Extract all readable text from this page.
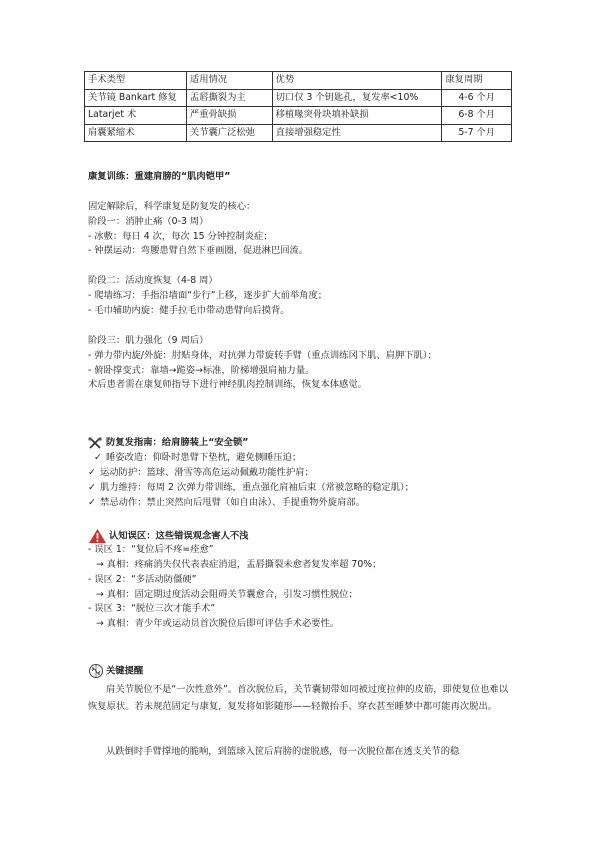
手术类型	适用情况	优势	康复周期
关节镜 Bankart 修复	盂唇撕裂为主	切口仅 3 个钥匙孔，复发率<10%	4-6 个月
Latarjet 术	严重骨缺损	移植喙突骨块填补缺损	6-8 个月
肩囊紧缩术	关节囊广泛松弛	直接增强稳定性	5-7 个月
康复训练：重建肩膀的“肌肉铠甲”
固定解除后，科学康复是防复发的核心：
阶段一：消肿止痛（0-3 周）
- 冰敷：每日 4 次，每次 15 分钟控制炎症；
- 钟摆运动：弯腰患臂自然下垂画圈，促进淋巴回流。
阶段二：活动度恢复（4-8 周）
- 爬墙练习：手指沿墙面“步行”上移，逐步扩大前举角度；
- 毛巾辅助内旋：健手拉毛巾带动患臂向后摸背。
阶段三：肌力强化（9 周后）
- 弹力带内旋/外旋：肘贴身体，对抗弹力带旋转手臂（重点训练冈下肌、肩胛下肌）；
- 俯卧撑变式：靠墙→跪姿→标准，阶梯增强肩袖力量。
术后患者需在康复师指导下进行神经肌肉控制训练，恢复本体感觉。
防复发指南：给肩膀装上“安全锁”
✓ 睡姿改造：仰卧时患臂下垫枕，避免侧睡压迫；
✓ 运动防护：篮球、滑雪等高危运动佩戴功能性护肩；
✓ 肌力维持：每周 2 次弹力带训练，重点强化肩袖后束（常被忽略的稳定肌）；
✓ 禁忌动作：禁止突然向后甩臂（如自由泳）、手提重物外旋肩部。
认知误区：这些错误观念害人不浅
- 误区 1：“复位后不疼=痊愈”
→ 真相：疼痛消失仅代表表症消退，盂唇撕裂未愈者复发率超 70%；
- 误区 2：“多活动防僵硬”
→ 真相：固定期过度活动会阻碍关节囊愈合，引发习惯性脱位；
- 误区 3：“脱位三次才能手术”
→ 真相：青少年或运动员首次脱位后即可评估手术必要性。
关键提醒

肩关节脱位不是“一次性意外”。首次脱位后，关节囊韧带如同被过度拉伸的皮筋，即使复位也难以恢复原状。若未规范固定与康复，复发将如影随形——轻微抬手、穿衣甚至睡梦中都可能再次脱出。

从跌倒时手臂撑地的脆响，到篮球入筐后肩膀的虚脱感，每一次脱位都在透支关节的稳
